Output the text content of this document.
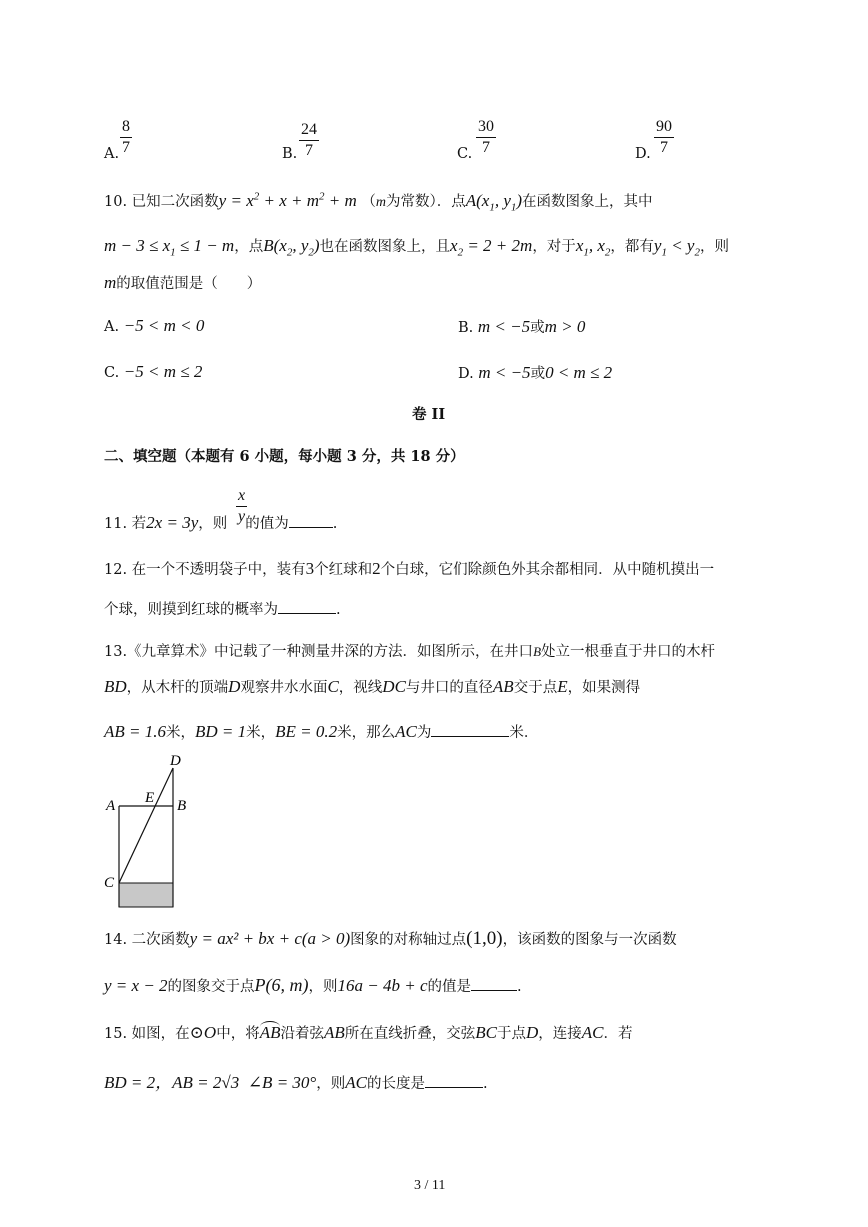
A. $\frac{8}{7}$	B. $\frac{24}{7}$	C. $\frac{30}{7}$	D. $\frac{90}{7}$
10. 已知二次函数$y = x^2 + x + m^2 + m$ （m为常数）．点$A(x_1$, $y_1$)在函数图象上，其中
$m - 3 \le x_1 \le 1 - m$，点$B(x_2$, $y_2$)也在函数图象上，且$x_2 = 2 + 2m$，对于$x_1$, $x_2$，都有$y_1 < y_2$，则
m的取值范围是（　　）
A. −5 < m < 0	B. m < −5或m > 0
C. −5 < m ≤ 2	D. m < −5或0 < m ≤ 2
卷 II
二、填空题（本题有 6 小题，每小题 3 分，共 18 分）
11. 若2x = 3y，则 的值为	.
$\frac{x}{y}$
12. 在一个不透明袋子中，装有3个红球和2个白球，它们除颜色外其余都相同．从中随机摸出一
个球，则摸到红球的概率为	.
13.《九章算术》中记载了一种测量井深的方法．如图所示，在井口B处立一根垂直于井口的木杆
BD，从木杆的顶端D观察井水水面C，视线DC与井口的直径AB交于点E，如果测得
AB = 1.6米，BD = 1米，BE = 0.2米，那么AC为	米．
D
A E B
C
14. 二次函数y = ax² + bx + c(a > 0)图象的对称轴过点(1,0)，该函数的图象与一次函数
y = x − 2的图象交于点P(6, m)，则16a − 4b + c的值是	.
15. 如图，在⊙O中，将AB沿着弦AB所在直线折叠，交弦BC于点D，连接AC．若
BD = 2，AB = 2√3 ∠B = 30°，则AC的长度是	.
3 / 11
